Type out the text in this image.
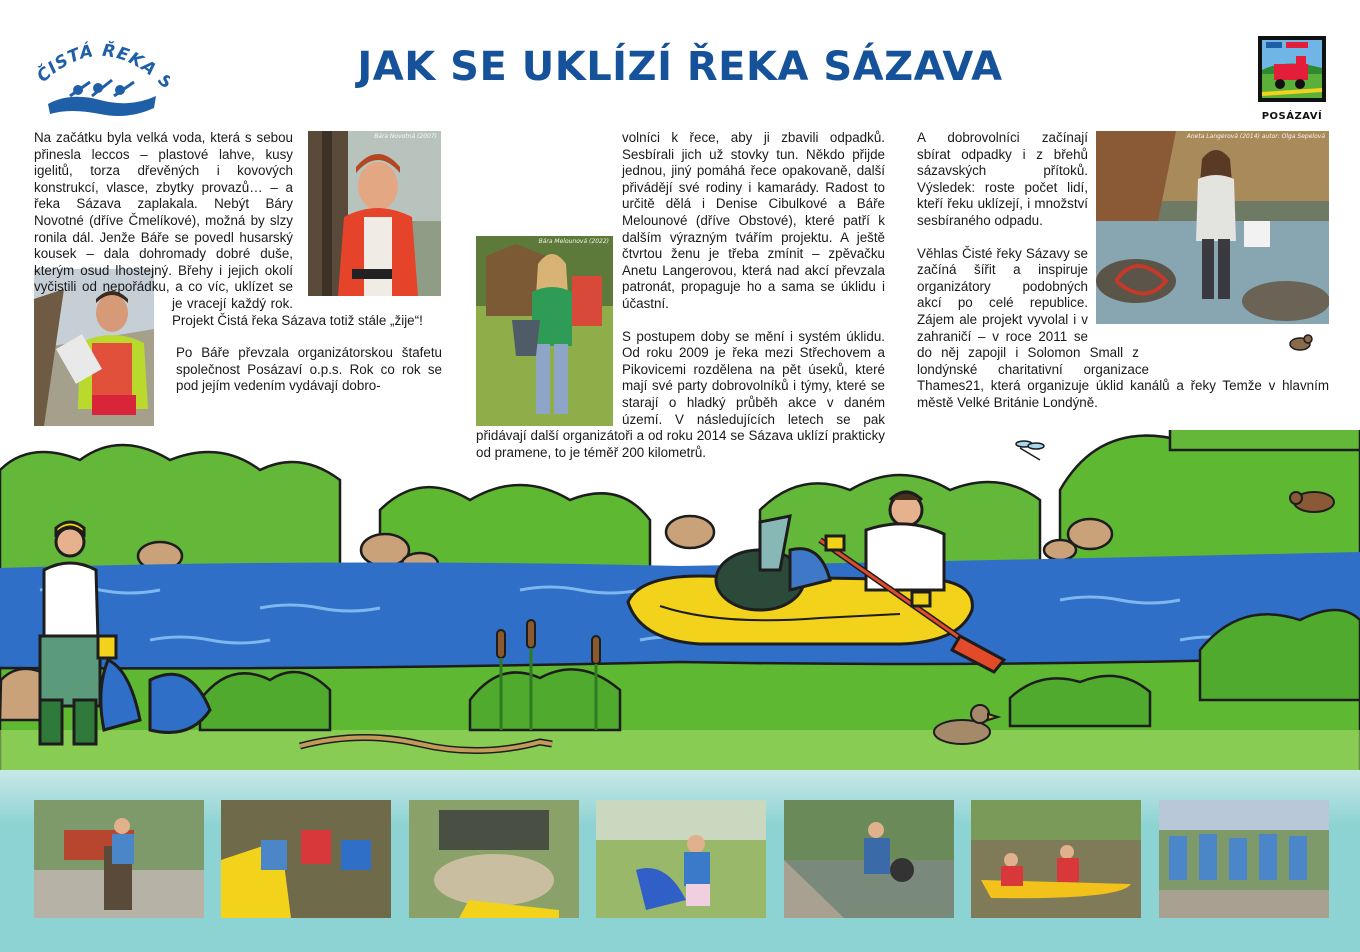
ČISTÁ ŘEKA	JAK SE UKLÍZÍ ŘEKA SÁZAVA
POSÁZAVÍ
Bára Novotná (2007)

Na začátku byla velká voda, která s sebou přinesla leccos – plastové lahve, kusy igelitů, torza dřevěných i kovových konstrukcí, vlasce, zbytky provazů… – a řeka Sázava zaplakala. Nebýt Báry Novotné (dříve Čmelíkové), možná by slzy ronila dál. Jenže Báře se povedl husarský kousek – dala dohromady dobré duše, kterým osud lhostejný. Břehy i jejich okolí vyčistili od nepořádku, a co víc, uklízet se je vracejí každý rok. Projekt Čistá řeka Sázava totiž stále „žije“!

Po Báře převzala organizátorskou štafetu společnost Posázaví o.p.s. Rok co rok se pod jejím vedením vydávají dobro-

Bára Melounová (2022)

volníci k řece, aby ji zbavili odpadků. Sesbírali jich už stovky tun. Někdo přijde jednou, jiný pomáhá řece opakovaně, další přivádějí své rodiny i kamarády. Radost to určitě dělá i Denise Cibulkové a Báře Melounové (dříve Obstové), které patří k dalším výrazným tvářím projektu. A ještě čtvrtou ženu je třeba zmínit – zpěvačku Anetu Langerovou, která nad akcí převzala patronát, propaguje ho a sama se úklidu i účastní.

S postupem doby se mění i systém úklidu. Od roku 2009 je řeka mezi Střechovem a Pikovicemi rozdělena na pět úseků, které mají své party dobrovolníků i týmy, které se starají o hladký průběh akce v daném území. V následujících letech se pak přidávají další organizátoři a od roku 2014 se Sázava uklízí prakticky od pramene, to je téměř 200 kilometrů.

Aneta Langerová (2014) autor: Olga Sepelová

A dobrovolníci začínají sbírat odpadky i z břehů sázavských přítoků. Výsledek: roste počet lidí, kteří řeku uklízejí, i množství sesbíraného odpadu.

Věhlas Čisté řeky Sázavy se začíná šířit a inspiruje organizátory podobných akcí po celé republice. Zájem ale projekt vyvolal i v zahraničí – v roce 2011 se do něj zapojil i Solomon Small z londýnské charitativní organizace Thames21, která organizuje úklid kanálů a řeky Temže v hlavním městě Velké Británie Londýně.
